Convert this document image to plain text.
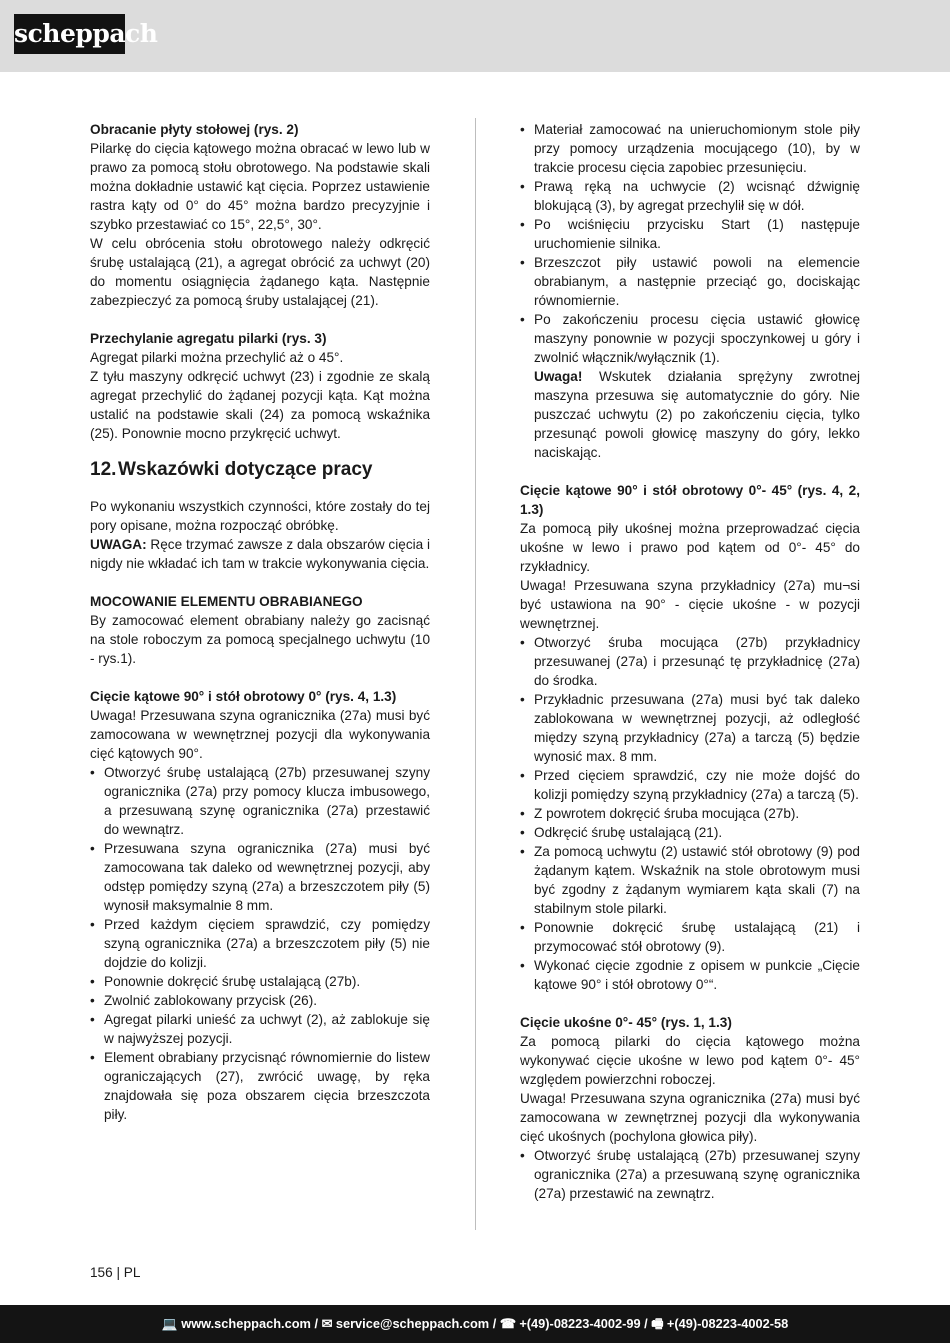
scheppach

Obracanie płyty stołowej (rys. 2)

Pilarkę do cięcia kątowego można obracać w lewo lub w prawo za pomocą stołu obrotowego. Na podstawie skali można dokładnie ustawić kąt cięcia. Poprzez ustawienie rastra kąty od 0° do 45° można bardzo precyzyjnie i szybko przestawiać co 15°, 22,5°, 30°.

W celu obrócenia stołu obrotowego należy odkręcić śrubę ustalającą (21), a agregat obrócić za uchwyt (20) do momentu osiągnięcia żądanego kąta. Następnie zabezpieczyć za pomocą śruby ustalającej (21).

Przechylanie agregatu pilarki (rys. 3)

Agregat pilarki można przechylić aż o 45°.

Z tyłu maszyny odkręcić uchwyt (23) i zgodnie ze skalą agregat przechylić do żądanej pozycji kąta. Kąt można ustalić na podstawie skali (24) za pomocą wskaźnika (25). Ponownie mocno przykręcić uchwyt.

12.Wskazówki dotyczące pracy

Po wykonaniu wszystkich czynności, które zostały do tej pory opisane, można rozpocząć obróbkę.

UWAGA: Ręce trzymać zawsze z dala obszarów cięcia i nigdy nie wkładać ich tam w trakcie wykonywania cięcia.

MOCOWANIE ELEMENTU OBRABIANEGO

By zamocować element obrabiany należy go zacisnąć na stole roboczym za pomocą specjalnego uchwytu (10 - rys.1).

Cięcie kątowe 90° i stół obrotowy 0° (rys. 4, 1.3)

Uwaga! Przesuwana szyna ogranicznika (27a) musi być zamocowana w wewnętrznej pozycji dla wykonywania cięć kątowych 90°.

• Otworzyć śrubę ustalającą (27b) przesuwanej szyny ogranicznika (27a) przy pomocy klucza imbusowego, a przesuwaną szynę ogranicznika (27a) przestawić do wewnątrz.

• Przesuwana szyna ogranicznika (27a) musi być zamocowana tak daleko od wewnętrznej pozycji, aby odstęp pomiędzy szyną (27a) a brzeszczotem piły (5) wynosił maksymalnie 8 mm.

• Przed każdym cięciem sprawdzić, czy pomiędzy szyną ogranicznika (27a) a brzeszczotem piły (5) nie dojdzie do kolizji.

• Ponownie dokręcić śrubę ustalającą (27b).

• Zwolnić zablokowany przycisk (26).

• Agregat pilarki unieść za uchwyt (2), aż zablokuje się w najwyższej pozycji.

• Element obrabiany przycisnąć równomiernie do listew ograniczających (27), zwrócić uwagę, by ręka znajdowała się poza obszarem cięcia brzeszczota piły.

• Materiał zamocować na unieruchomionym stole piły przy pomocy urządzenia mocującego (10), by w trakcie procesu cięcia zapobiec przesunięciu.

• Prawą ręką na uchwycie (2) wcisnąć dźwignię blokującą (3), by agregat przechylił się w dół.

• Po wciśnięciu przycisku Start (1) następuje uruchomienie silnika.

• Brzeszczot piły ustawić powoli na elemencie obrabianym, a następnie przeciąć go, dociskając równomiernie.

• Po zakończeniu procesu cięcia ustawić głowicę maszyny ponownie w pozycji spoczynkowej u góry i zwolnić włącznik/wyłącznik (1).

Uwaga! Wskutek działania sprężyny zwrotnej maszyna przesuwa się automatycznie do góry. Nie puszczać uchwytu (2) po zakończeniu cięcia, tylko przesunąć powoli głowicę maszyny do góry, lekko naciskając.

Cięcie kątowe 90° i stół obrotowy 0°- 45° (rys. 4, 2, 1.3)

Za pomocą piły ukośnej można przeprowadzać cięcia ukośne w lewo i prawo pod kątem od 0°- 45° do rzykładnicy.

Uwaga! Przesuwana szyna przykładnicy (27a) mu¬si być ustawiona na 90° - cięcie ukośne - w pozycji wewnętrznej.

• Otworzyć śruba mocująca (27b) przykładnicy przesuwanej (27a) i przesunąć tę przykładnicę (27a) do środka.

• Przykładnic przesuwana (27a) musi być tak daleko zablokowana w wewnętrznej pozycji, aż odległość między szyną przykładnicy (27a) a tarczą (5) będzie wynosić max. 8 mm.

• Przed cięciem sprawdzić, czy nie może dojść do kolizji pomiędzy szyną przykładnicy (27a) a tarczą (5).

• Z powrotem dokręcić śruba mocująca (27b).

• Odkręcić śrubę ustalającą (21).

• Za pomocą uchwytu (2) ustawić stół obrotowy (9) pod żądanym kątem. Wskaźnik na stole obrotowym musi być zgodny z żądanym wymiarem kąta skali (7) na stabilnym stole pilarki.

• Ponownie dokręcić śrubę ustalającą (21) i przymocować stół obrotowy (9).

• Wykonać cięcie zgodnie z opisem w punkcie „Cięcie kątowe 90° i stół obrotowy 0°“.

Cięcie ukośne 0°- 45° (rys. 1, 1.3)

Za pomocą pilarki do cięcia kątowego można wykonywać cięcie ukośne w lewo pod kątem 0°- 45° względem powierzchni roboczej.

Uwaga! Przesuwana szyna ogranicznika (27a) musi być zamocowana w zewnętrznej pozycji dla wykonywania cięć ukośnych (pochylona głowica piły).

• Otworzyć śrubę ustalającą (27b) przesuwanej szyny ogranicznika (27a) a przesuwaną szynę ogranicznika (27a) przestawić na zewnątrz.

156 | PL
💻 www.scheppach.com / ✉ service@scheppach.com / ☎ +(49)-08223-4002-99 / 🖷 +(49)-08223-4002-58
